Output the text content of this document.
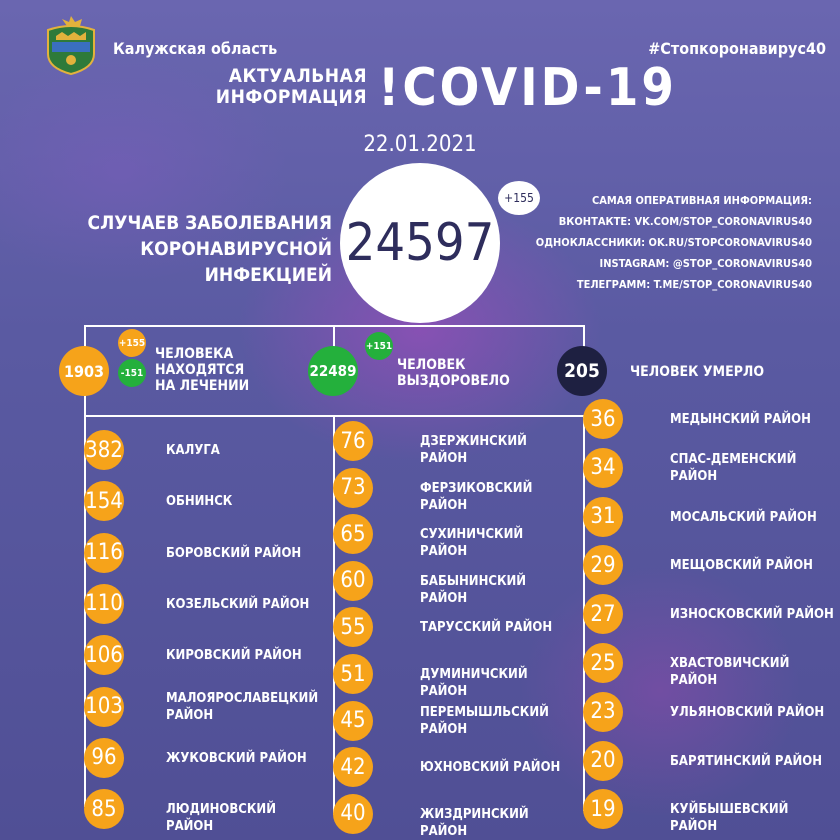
Калужская область	#Стопкоронавирус40
АКТУАЛЬНАЯ
ИНФОРМАЦИЯ !COVID-19
22.01.2021
СЛУЧАЕВ ЗАБОЛЕВАНИЯ
КОРОНАВИРУСНОЙ ИНФЕКЦИЕЙ
24597
+155	САМАЯ ОПЕРАТИВНАЯ ИНФОРМАЦИЯ:
ВКОНТАКТЕ: VK.COM/STOP_CORONAVIRUS40
ОДНОКЛАССНИКИ: OK.RU/STOPCORONAVIRUS40
INSTAGRAM: @STOP_CORONAVIRUS40
ТЕЛЕГРАММ: T.ME/STOP_CORONAVIRUS40
1903
+155
-151
ЧЕЛОВЕКА
НАХОДЯТСЯ
НА ЛЕЧЕНИИ
22489
+151
ЧЕЛОВЕК
ВЫЗДОРОВЕЛО	205	ЧЕЛОВЕК УМЕРЛО
382	КАЛУГА
154	ОБНИНСК
116	БОРОВСКИЙ РАЙОН
110	КОЗЕЛЬСКИЙ РАЙОН
106	КИРОВСКИЙ РАЙОН
103	МАЛОЯРОСЛАВЕЦКИЙ
РАЙОН
96	ЖУКОВСКИЙ РАЙОН
85	ЛЮДИНОВСКИЙ РАЙОН
76	ДЗЕРЖИНСКИЙ РАЙОН
73	ФЕРЗИКОВСКИЙ РАЙОН
65	СУХИНИЧСКИЙ РАЙОН
60	БАБЫНИНСКИЙ РАЙОН
55	ТАРУССКИЙ РАЙОН
51	ДУМИНИЧСКИЙ РАЙОН
45	ПЕРЕМЫШЛЬСКИЙ
РАЙОН
42	ЮХНОВСКИЙ РАЙОН
40	ЖИЗДРИНСКИЙ РАЙОН
36	МЕДЫНСКИЙ РАЙОН
34	СПАС-ДЕМЕНСКИЙ
РАЙОН
31	МОСАЛЬСКИЙ РАЙОН
29	МЕЩОВСКИЙ РАЙОН
27	ИЗНОСКОВСКИЙ РАЙОН
25	ХВАСТОВИЧСКИЙ РАЙОН
23	УЛЬЯНОВСКИЙ РАЙОН
20	БАРЯТИНСКИЙ РАЙОН
19	КУЙБЫШЕВСКИЙ РАЙОН
